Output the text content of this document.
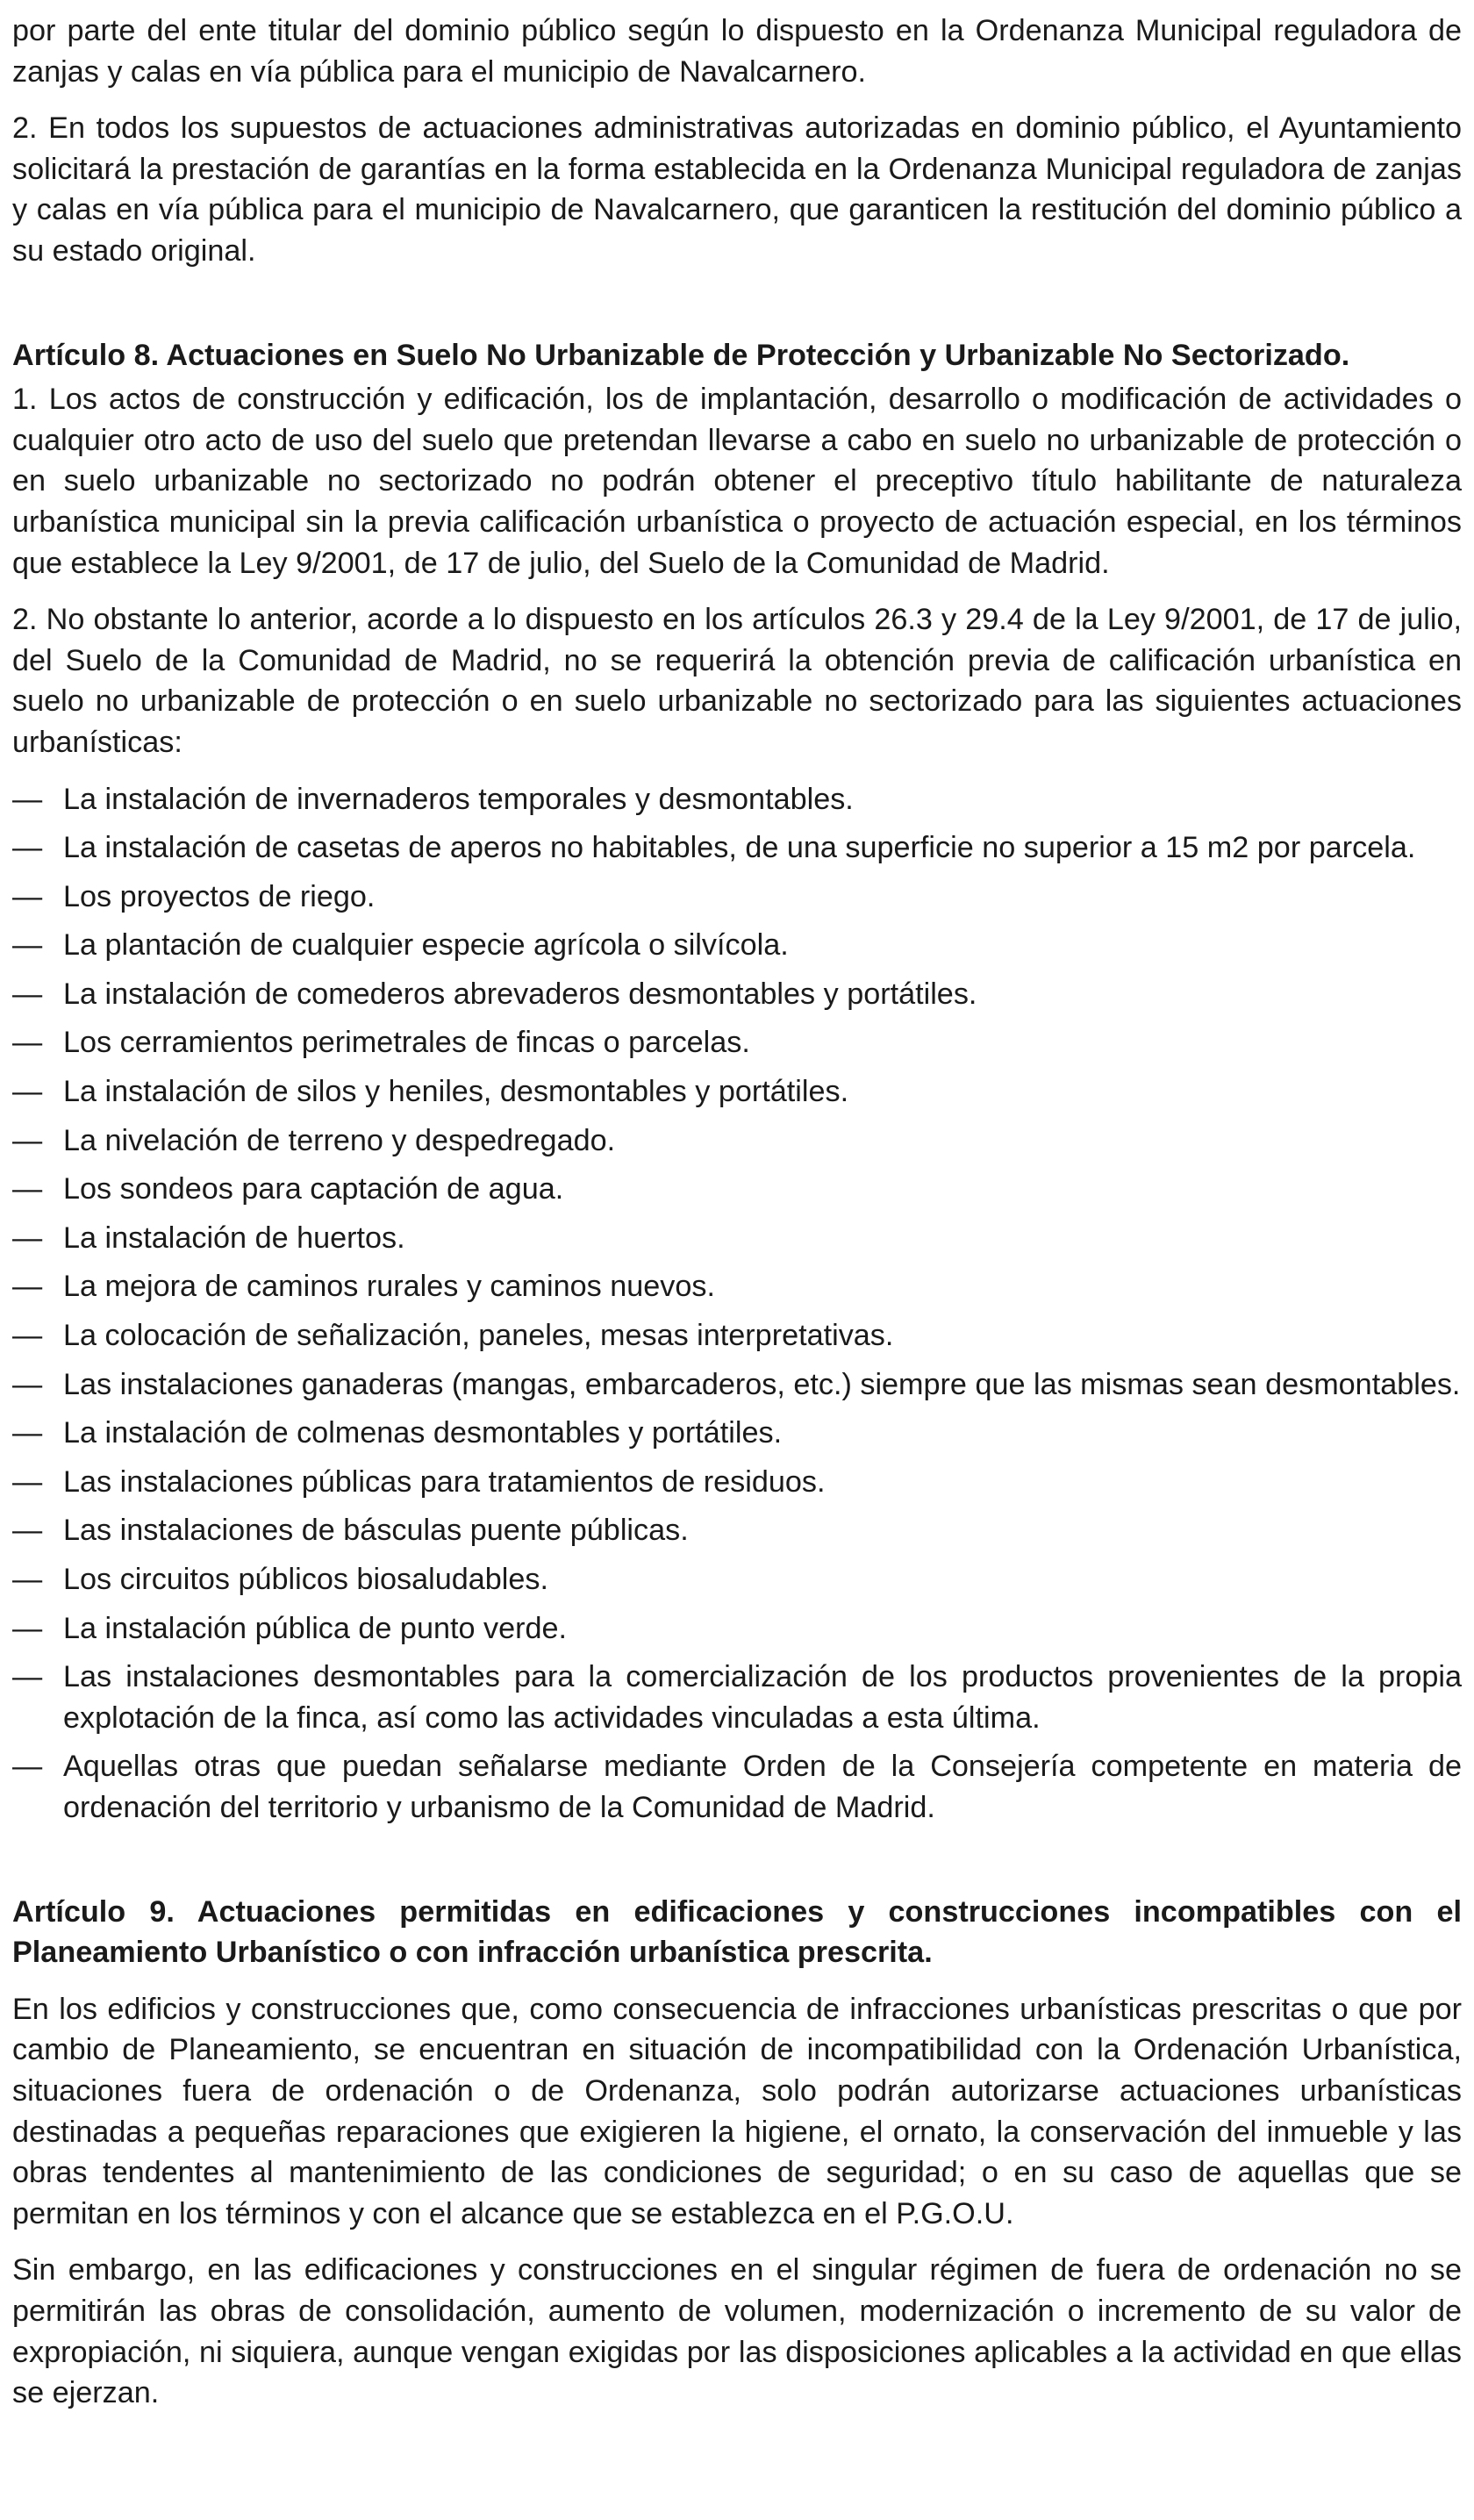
por parte del ente titular del dominio público según lo dispuesto en la Ordenanza Municipal reguladora de zanjas y calas en vía pública para el municipio de Navalcarnero.

2. En todos los supuestos de actuaciones administrativas autorizadas en dominio público, el Ayuntamiento solicitará la prestación de garantías en la forma establecida en la Ordenanza Municipal reguladora de zanjas y calas en vía pública para el municipio de Navalcarnero, que garanticen la restitución del dominio público a su estado original.

Artículo 8. Actuaciones en Suelo No Urbanizable de Protección y Urbanizable No Sectorizado.

1. Los actos de construcción y edificación, los de implantación, desarrollo o modificación de actividades o cualquier otro acto de uso del suelo que pretendan llevarse a cabo en suelo no urbanizable de protección o en suelo urbanizable no sectorizado no podrán obtener el preceptivo título habilitante de naturaleza urbanística municipal sin la previa calificación urbanística o proyecto de actuación especial, en los términos que establece la Ley 9/2001, de 17 de julio, del Suelo de la Comunidad de Madrid.

2. No obstante lo anterior, acorde a lo dispuesto en los artículos 26.3 y 29.4 de la Ley 9/2001, de 17 de julio, del Suelo de la Comunidad de Madrid, no se requerirá la obtención previa de calificación urbanística en suelo no urbanizable de protección o en suelo urbanizable no sectorizado para las siguientes actuaciones urbanísticas:

— La instalación de invernaderos temporales y desmontables.
— La instalación de casetas de aperos no habitables, de una superficie no superior a 15 m2 por parcela.
— Los proyectos de riego.
— La plantación de cualquier especie agrícola o silvícola.
— La instalación de comederos abrevaderos desmontables y portátiles.
— Los cerramientos perimetrales de fincas o parcelas.
— La instalación de silos y heniles, desmontables y portátiles.
— La nivelación de terreno y despedregado.
— Los sondeos para captación de agua.
— La instalación de huertos.
— La mejora de caminos rurales y caminos nuevos.
— La colocación de señalización, paneles, mesas interpretativas.
— Las instalaciones ganaderas (mangas, embarcaderos, etc.) siempre que las mismas sean desmontables.
— La instalación de colmenas desmontables y portátiles.
— Las instalaciones públicas para tratamientos de residuos.
— Las instalaciones de básculas puente públicas.
— Los circuitos públicos biosaludables.
— La instalación pública de punto verde.
— Las instalaciones desmontables para la comercialización de los productos provenientes de la propia explotación de la finca, así como las actividades vinculadas a esta última.
— Aquellas otras que puedan señalarse mediante Orden de la Consejería competente en materia de ordenación del territorio y urbanismo de la Comunidad de Madrid.

Artículo 9. Actuaciones permitidas en edificaciones y construcciones incompatibles con el Planeamiento Urbanístico o con infracción urbanística prescrita.

En los edificios y construcciones que, como consecuencia de infracciones urbanísticas prescritas o que por cambio de Planeamiento, se encuentran en situación de incompatibilidad con la Ordenación Urbanística, situaciones fuera de ordenación o de Ordenanza, solo podrán autorizarse actuaciones urbanísticas destinadas a pequeñas reparaciones que exigieren la higiene, el ornato, la conservación del inmueble y las obras tendentes al mantenimiento de las condiciones de seguridad; o en su caso de aquellas que se permitan en los términos y con el alcance que se establezca en el P.G.O.U.

Sin embargo, en las edificaciones y construcciones en el singular régimen de fuera de ordenación no se permitirán las obras de consolidación, aumento de volumen, modernización o incremento de su valor de expropiación, ni siquiera, aunque vengan exigidas por las disposiciones aplicables a la actividad en que ellas se ejerzan.
